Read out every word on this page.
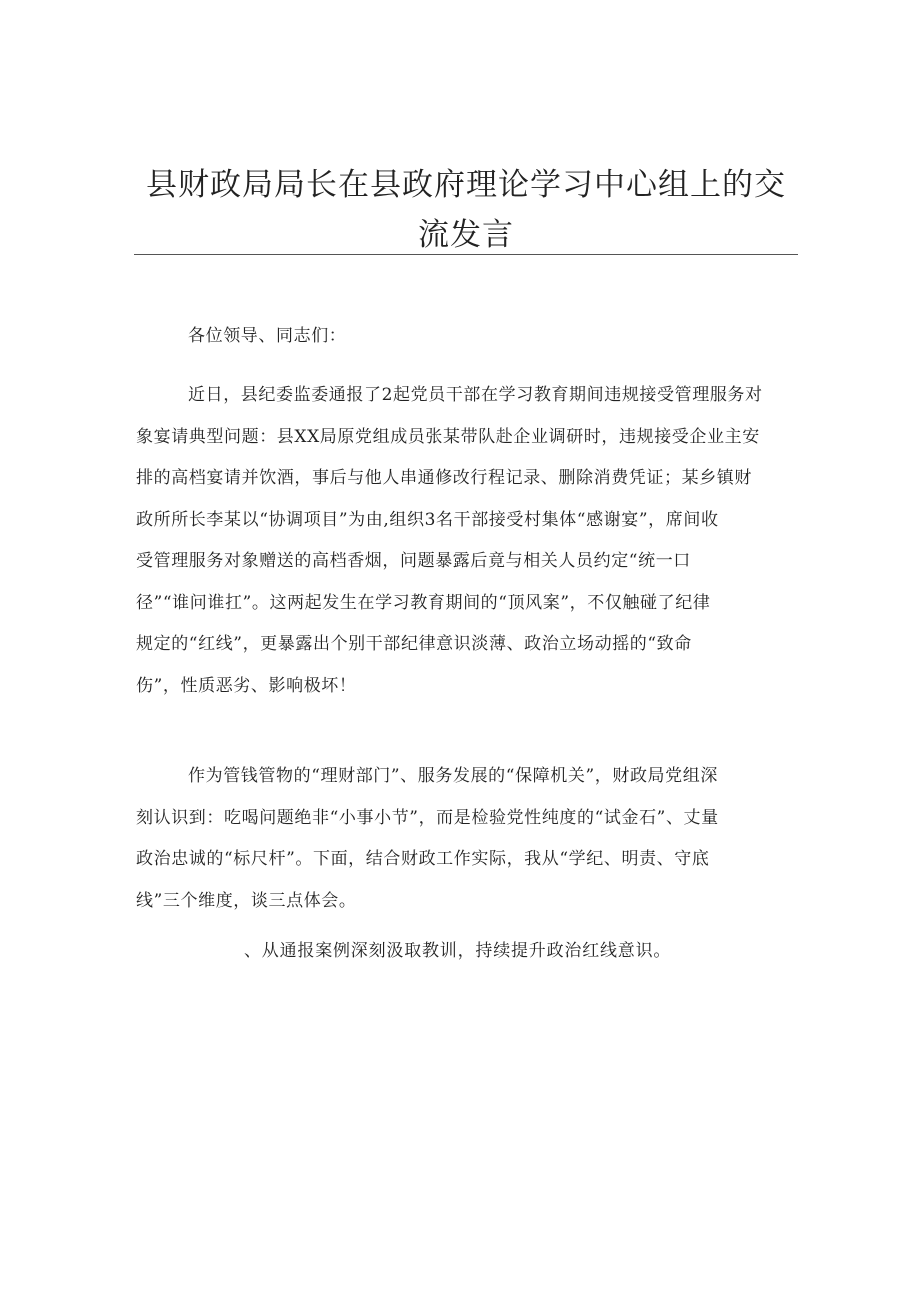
县财政局局长在县政府理论学习中心组上的交
流发言
各位领导、同志们：
近日，县纪委监委通报了2起党员干部在学习教育期间违规接受管理服务对
象宴请典型问题：县XX局原党组成员张某带队赴企业调研时，违规接受企业主安
排的高档宴请并饮酒，事后与他人串通修改行程记录、删除消费凭证；某乡镇财
政所所长李某以“协调项目”为由,组织3名干部接受村集体“感谢宴”，席间收
受管理服务对象赠送的高档香烟，问题暴露后竟与相关人员约定“统一口
径”“谁问谁扛”。这两起发生在学习教育期间的“顶风案”，不仅触碰了纪律
规定的“红线”，更暴露出个别干部纪律意识淡薄、政治立场动摇的“致命
伤”，性质恶劣、影响极坏！
作为管钱管物的“理财部门”、服务发展的“保障机关”，财政局党组深
刻认识到：吃喝问题绝非“小事小节”，而是检验党性纯度的“试金石”、丈量
政治忠诚的“标尺杆”。下面，结合财政工作实际，我从“学纪、明责、守底
线”三个维度，谈三点体会。
、从通报案例深刻汲取教训，持续提升政治红线意识。
